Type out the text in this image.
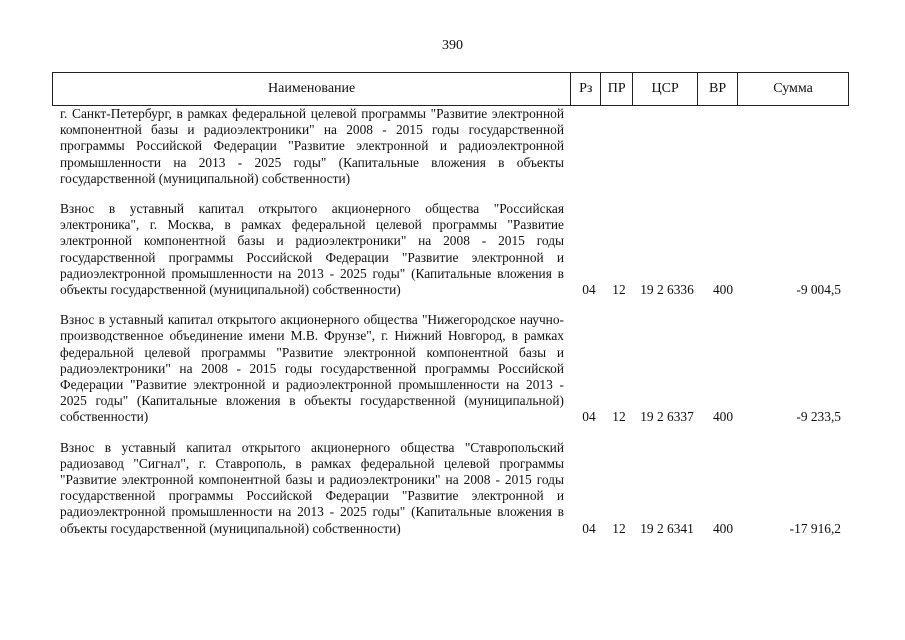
390
Наименование	Рз	ПР	ЦСР	ВР	Сумма
г. Санкт-Петербург, в рамках федеральной целевой программы "Развитие электронной компонентной базы и радиоэлектроники" на 2008 - 2015 годы государственной программы Российской Федерации "Развитие электронной и радиоэлектронной промышленности на 2013 - 2025 годы" (Капитальные вложения в объекты государственной (муниципальной) собственности)
Взнос в уставный капитал открытого акционерного общества "Российская электроника", г. Москва, в рамках федеральной целевой программы "Развитие электронной компонентной базы и радиоэлектроники" на 2008 - 2015 годы государственной программы Российской Федерации "Развитие электронной и радиоэлектронной промышленности на 2013 - 2025 годы" (Капитальные вложения в объекты государственной (муниципальной) собственности)	04	12	19 2 6336	400	-9 004,5
Взнос в уставный капитал открытого акционерного общества "Нижегородское научно-производственное объединение имени М.В. Фрунзе", г. Нижний Новгород, в рамках федеральной целевой программы "Развитие электронной компонентной базы и радиоэлектроники" на 2008 - 2015 годы государственной программы Российской Федерации "Развитие электронной и радиоэлектронной промышленности на 2013 - 2025 годы" (Капитальные вложения в объекты государственной (муниципальной) собственности)	04	12	19 2 6337	400	-9 233,5
Взнос в уставный капитал открытого акционерного общества "Ставропольский радиозавод "Сигнал", г. Ставрополь, в рамках федеральной целевой программы "Развитие электронной компонентной базы и радиоэлектроники" на 2008 - 2015 годы государственной программы Российской Федерации "Развитие электронной и радиоэлектронной промышленности на 2013 - 2025 годы" (Капитальные вложения в объекты государственной (муниципальной) собственности)	04	12	19 2 6341	400	-17 916,2
